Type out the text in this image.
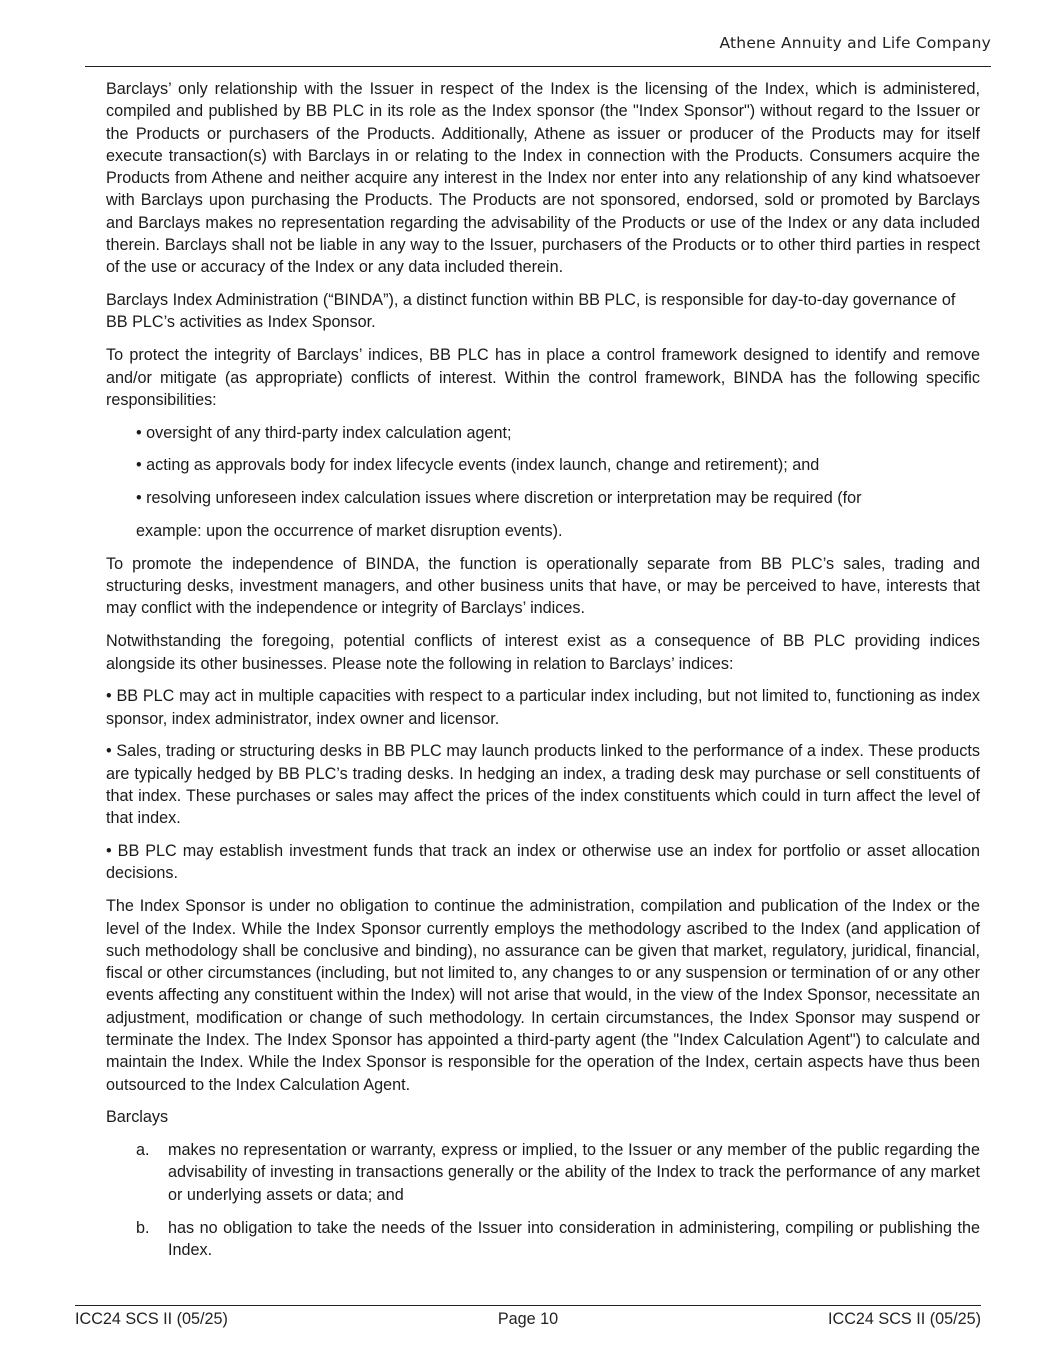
Athene Annuity and Life Company

Barclays’ only relationship with the Issuer in respect of the Index is the licensing of the Index, which is administered, compiled and published by BB PLC in its role as the Index sponsor (the "Index Sponsor") without regard to the Issuer or the Products or purchasers of the Products. Additionally, Athene as issuer or producer of the Products may for itself execute transaction(s) with Barclays in or relating to the Index in connection with the Products. Consumers acquire the Products from Athene and neither acquire any interest in the Index nor enter into any relationship of any kind whatsoever with Barclays upon purchasing the Products. The Products are not sponsored, endorsed, sold or promoted by Barclays and Barclays makes no representation regarding the advisability of the Products or use of the Index or any data included therein. Barclays shall not be liable in any way to the Issuer, purchasers of the Products or to other third parties in respect of the use or accuracy of the Index or any data included therein.

Barclays Index Administration (“BINDA”), a distinct function within BB PLC, is responsible for day-to-day governance of BB PLC’s activities as Index Sponsor.

To protect the integrity of Barclays’ indices, BB PLC has in place a control framework designed to identify and remove and/or mitigate (as appropriate) conflicts of interest. Within the control framework, BINDA has the following specific responsibilities:

• oversight of any third-party index calculation agent;

• acting as approvals body for index lifecycle events (index launch, change and retirement); and

• resolving unforeseen index calculation issues where discretion or interpretation may be required (for

example: upon the occurrence of market disruption events).

To promote the independence of BINDA, the function is operationally separate from BB PLC’s sales, trading and structuring desks, investment managers, and other business units that have, or may be perceived to have, interests that may conflict with the independence or integrity of Barclays’ indices.

Notwithstanding the foregoing, potential conflicts of interest exist as a consequence of BB PLC providing indices alongside its other businesses. Please note the following in relation to Barclays’ indices:

• BB PLC may act in multiple capacities with respect to a particular index including, but not limited to, functioning as index sponsor, index administrator, index owner and licensor.

• Sales, trading or structuring desks in BB PLC may launch products linked to the performance of a index. These products are typically hedged by BB PLC’s trading desks. In hedging an index, a trading desk may purchase or sell constituents of that index. These purchases or sales may affect the prices of the index constituents which could in turn affect the level of that index.

• BB PLC may establish investment funds that track an index or otherwise use an index for portfolio or asset allocation decisions.

The Index Sponsor is under no obligation to continue the administration, compilation and publication of the Index or the level of the Index. While the Index Sponsor currently employs the methodology ascribed to the Index (and application of such methodology shall be conclusive and binding), no assurance can be given that market, regulatory, juridical, financial, fiscal or other circumstances (including, but not limited to, any changes to or any suspension or termination of or any other events affecting any constituent within the Index) will not arise that would, in the view of the Index Sponsor, necessitate an adjustment, modification or change of such methodology. In certain circumstances, the Index Sponsor may suspend or terminate the Index. The Index Sponsor has appointed a third-party agent (the "Index Calculation Agent") to calculate and maintain the Index. While the Index Sponsor is responsible for the operation of the Index, certain aspects have thus been outsourced to the Index Calculation Agent.

Barclays

a. makes no representation or warranty, express or implied, to the Issuer or any member of the public regarding the advisability of investing in transactions generally or the ability of the Index to track the performance of any market or underlying assets or data; and
b. has no obligation to take the needs of the Issuer into consideration in administering, compiling or publishing the Index.
ICC24 SCS II (05/25)	Page 10	ICC24 SCS II (05/25)
